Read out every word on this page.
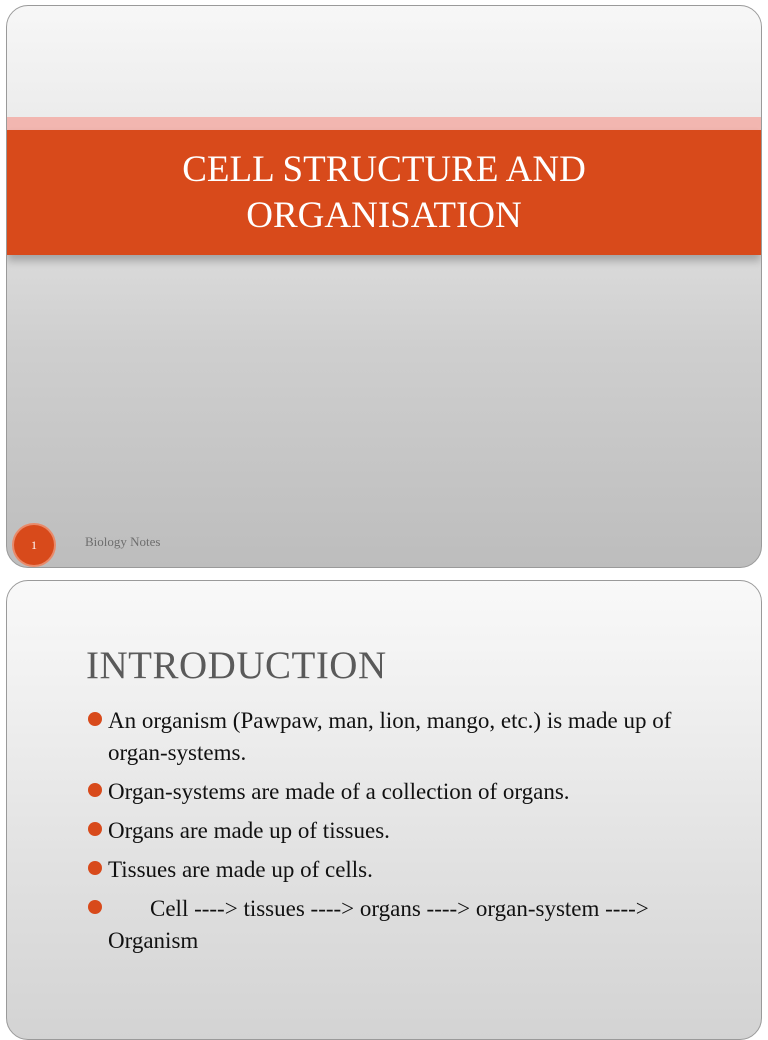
CELL STRUCTURE AND
ORGANISATION
1	Biology Notes
INTRODUCTION
An organism (Pawpaw, man, lion, mango, etc.) is made up of organ-systems.
Organ-systems are made of a collection of organs.
Organs are made up of tissues.
Tissues are made up of cells.
Cell ----> tissues ----> organs ----> organ-system ----> Organism
